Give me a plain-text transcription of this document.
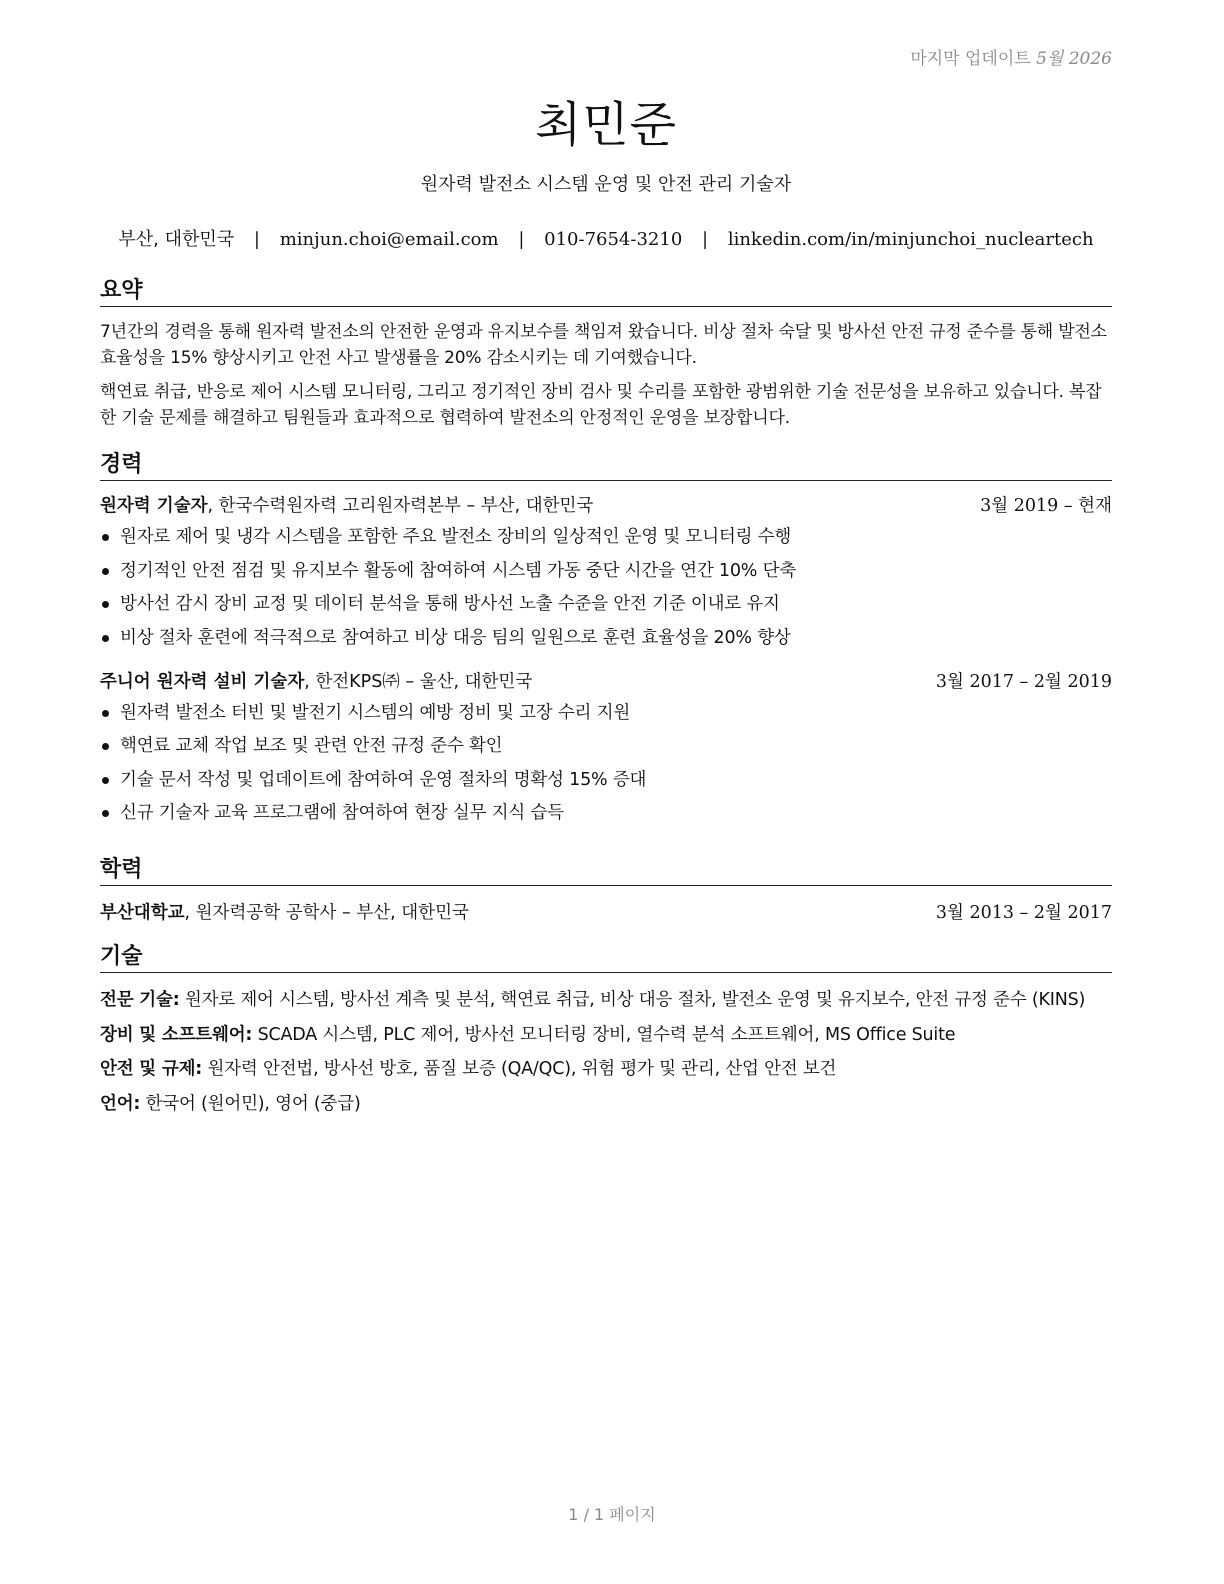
마지막 업데이트 5월 2026
최민준
원자력 발전소 시스템 운영 및 안전 관리 기술자
부산, 대한민국 | minjun.choi@email.com | 010-7654-3210 | linkedin.com/in/minjunchoi_nucleartech
요약
7년간의 경력을 통해 원자력 발전소의 안전한 운영과 유지보수를 책임져 왔습니다. 비상 절차 숙달 및 방사선 안전 규정 준수를 통해 발전소 효율성을 15% 향상시키고 안전 사고 발생률을 20% 감소시키는 데 기여했습니다.
핵연료 취급, 반응로 제어 시스템 모니터링, 그리고 정기적인 장비 검사 및 수리를 포함한 광범위한 기술 전문성을 보유하고 있습니다. 복잡한 기술 문제를 해결하고 팀원들과 효과적으로 협력하여 발전소의 안정적인 운영을 보장합니다.
경력
원자력 기술자, 한국수력원자력 고리원자력본부 – 부산, 대한민국	3월 2019 – 현재
원자로 제어 및 냉각 시스템을 포함한 주요 발전소 장비의 일상적인 운영 및 모니터링 수행
정기적인 안전 점검 및 유지보수 활동에 참여하여 시스템 가동 중단 시간을 연간 10% 단축
방사선 감시 장비 교정 및 데이터 분석을 통해 방사선 노출 수준을 안전 기준 이내로 유지
비상 절차 훈련에 적극적으로 참여하고 비상 대응 팀의 일원으로 훈련 효율성을 20% 향상
주니어 원자력 설비 기술자, 한전KPS㈜ – 울산, 대한민국	3월 2017 – 2월 2019
원자력 발전소 터빈 및 발전기 시스템의 예방 정비 및 고장 수리 지원
핵연료 교체 작업 보조 및 관련 안전 규정 준수 확인
기술 문서 작성 및 업데이트에 참여하여 운영 절차의 명확성 15% 증대
신규 기술자 교육 프로그램에 참여하여 현장 실무 지식 습득
학력
부산대학교, 원자력공학 공학사 – 부산, 대한민국	3월 2013 – 2월 2017
기술
전문 기술: 원자로 제어 시스템, 방사선 계측 및 분석, 핵연료 취급, 비상 대응 절차, 발전소 운영 및 유지보수, 안전 규정 준수 (KINS)
장비 및 소프트웨어: SCADA 시스템, PLC 제어, 방사선 모니터링 장비, 열수력 분석 소프트웨어, MS Office Suite
안전 및 규제: 원자력 안전법, 방사선 방호, 품질 보증 (QA/QC), 위험 평가 및 관리, 산업 안전 보건
언어: 한국어 (원어민), 영어 (중급)
1 / 1 페이지
